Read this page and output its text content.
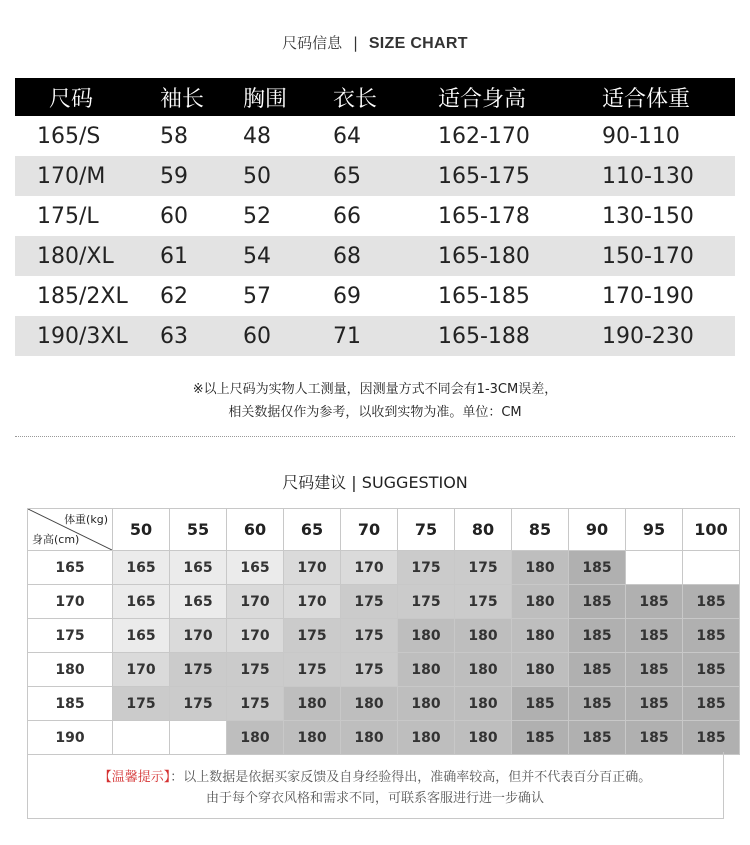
尺码信息 | SIZE CHART
尺码	袖长	胸围	衣长	适合身高	适合体重
165/S	58	48	64	162-170	90-110
170/M	59	50	65	165-175	110-130
175/L	60	52	66	165-178	130-150
180/XL	61	54	68	165-180	150-170
185/2XL	62	57	69	165-185	170-190
190/3XL	63	60	71	165-188	190-230
※以上尺码为实物人工测量，因测量方式不同会有1-3CM误差，
相关数据仅作为参考，以收到实物为准。单位：CM
尺码建议 | SUGGESTION
体重(kg)
身高(cm)	50	55	60	65	70	75	80	85	90	95	100
165	165	165	165	170	170	175	175	180	185		
170	165	165	170	170	175	175	175	180	185	185	185
175	165	170	170	175	175	180	180	180	185	185	185
180	170	175	175	175	175	180	180	180	185	185	185
185	175	175	175	180	180	180	180	185	185	185	185
190			180	180	180	180	180	185	185	185	185
【温馨提示】：以上数据是依据买家反馈及自身经验得出，准确率较高，但并不代表百分百正确。
由于每个穿衣风格和需求不同，可联系客服进行进一步确认
